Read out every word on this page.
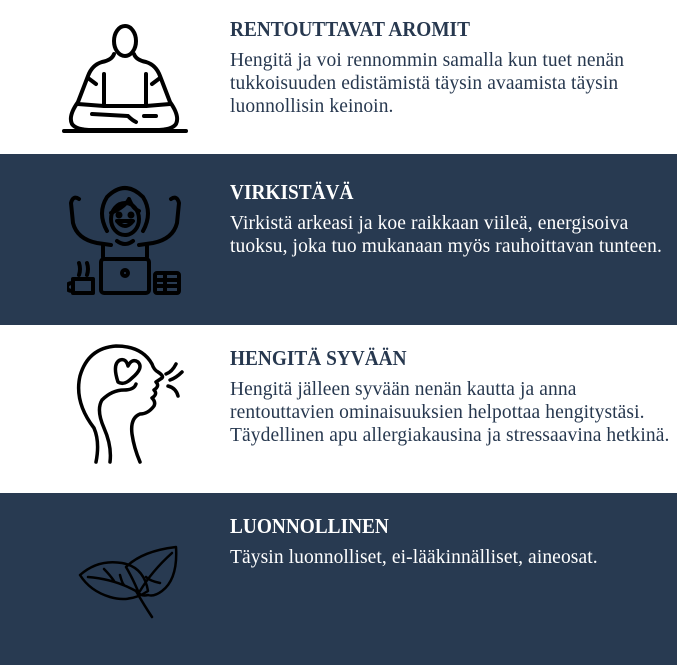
RENTOUTTAVAT AROMIT

Hengitä ja voi rennommin samalla kun tuet nenän tukkoisuuden edistämistä täysin avaamista täysin luonnollisin keinoin.

VIRKISTÄVÄ

Virkistä arkeasi ja koe raikkaan viileä, energisoiva tuoksu, joka tuo mukanaan myös rauhoittavan tunteen.

HENGITÄ SYVÄÄN

Hengitä jälleen syvään nenän kautta ja anna rentouttavien ominaisuuksien helpottaa hengitystäsi. Täydellinen apu allergiakausina ja stressaavina hetkinä.

LUONNOLLINEN

Täysin luonnolliset, ei-lääkinnälliset, aineosat.
